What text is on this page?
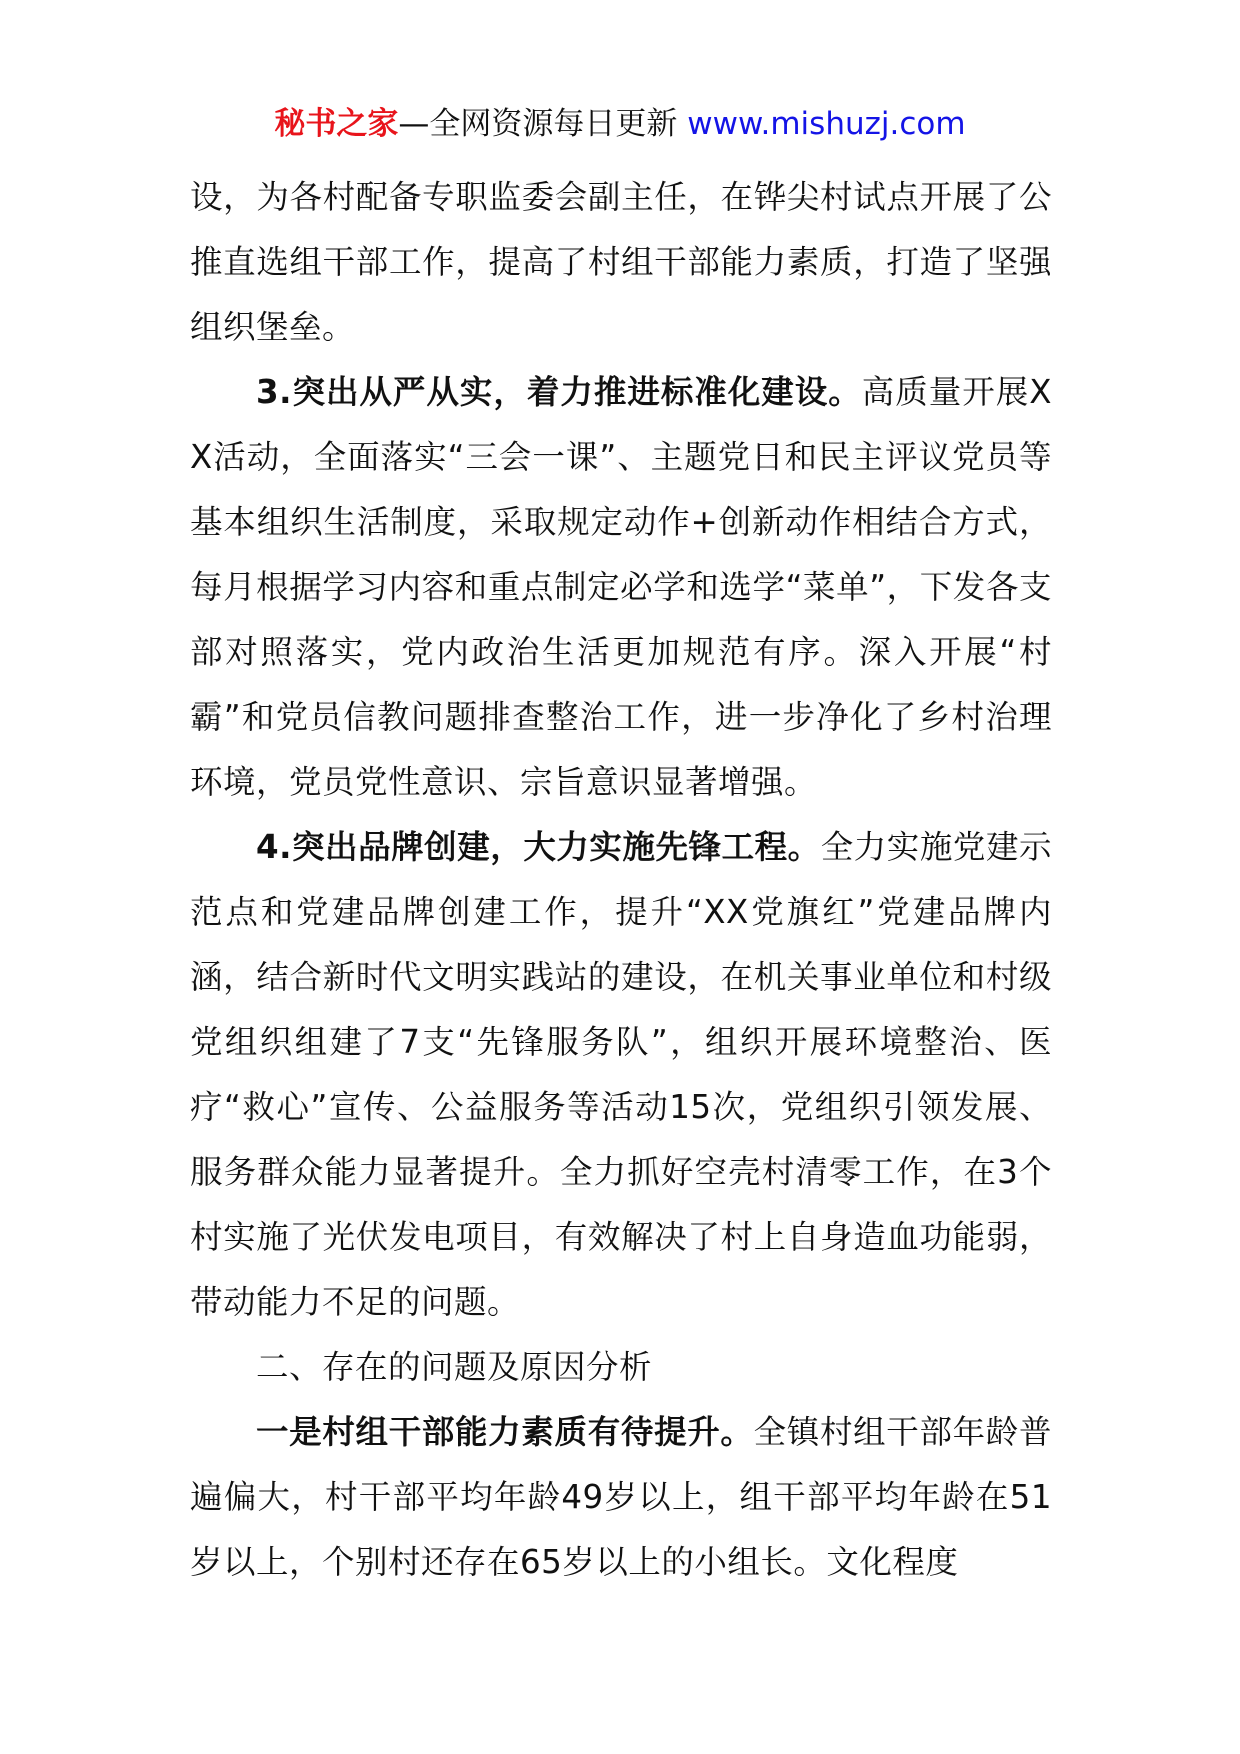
秘书之家—全网资源每日更新 www.mishuzj.com

设，为各村配备专职监委会副主任，在铧尖村试点开展了公推直选组干部工作，提高了村组干部能力素质，打造了坚强组织堡垒。

3.突出从严从实，着力推进标准化建设。高质量开展XX活动，全面落实“三会一课”、主题党日和民主评议党员等基本组织生活制度，采取规定动作+创新动作相结合方式，每月根据学习内容和重点制定必学和选学“菜单”，下发各支部对照落实，党内政治生活更加规范有序。深入开展“村霸”和党员信教问题排查整治工作，进一步净化了乡村治理环境，党员党性意识、宗旨意识显著增强。

4.突出品牌创建，大力实施先锋工程。全力实施党建示范点和党建品牌创建工作，提升“XX党旗红”党建品牌内涵，结合新时代文明实践站的建设，在机关事业单位和村级党组织组建了7支“先锋服务队”，组织开展环境整治、医疗“救心”宣传、公益服务等活动15次，党组织引领发展、服务群众能力显著提升。全力抓好空壳村清零工作，在3个村实施了光伏发电项目，有效解决了村上自身造血功能弱，带动能力不足的问题。

二、存在的问题及原因分析

一是村组干部能力素质有待提升。全镇村组干部年龄普遍偏大，村干部平均年龄49岁以上，组干部平均年龄在51岁以上，个别村还存在65岁以上的小组长。文化程度
